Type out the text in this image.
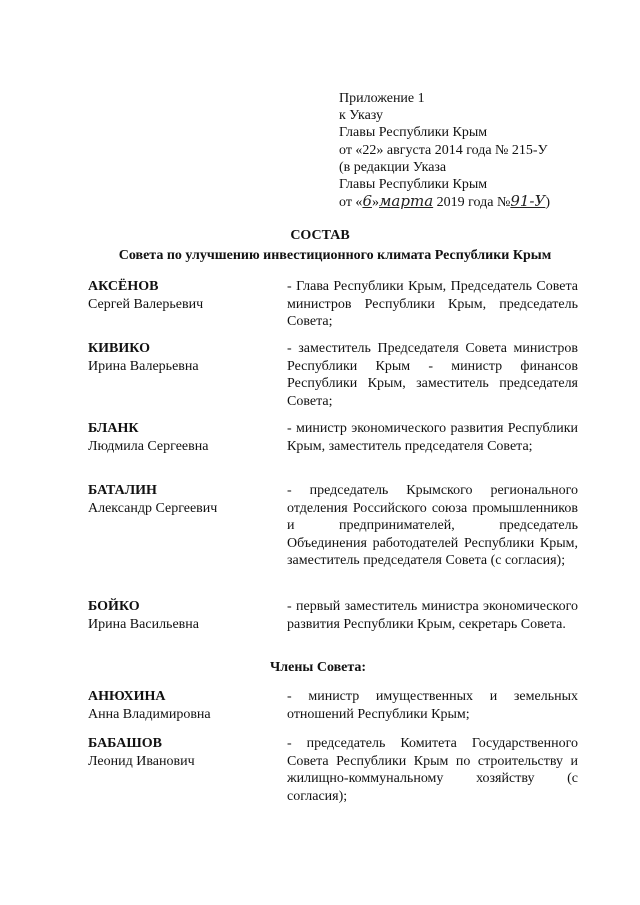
Приложение 1
к Указу
Главы Республики Крым
от «22» августа 2014 года № 215-У
(в редакции Указа
Главы Республики Крым
от «6»марта 2019 года №91-У)
СОСТАВ
Совета по улучшению инвестиционного климата Республики Крым
АКСЁНОВ
Сергей Валерьевич
- Глава Республики Крым, Председатель Совета министров Республики Крым, председатель Совета;
КИВИКО
Ирина Валерьевна
- заместитель Председателя Совета министров Республики Крым - министр финансов Республики Крым, заместитель председателя Совета;
БЛАНК
Людмила Сергеевна
- министр экономического развития Республики Крым, заместитель председателя Совета;
БАТАЛИН
Александр Сергеевич
- председатель Крымского регионального отделения Российского союза промышленников и предпринимателей, председатель Объединения работодателей Республики Крым, заместитель председателя Совета (с согласия);
БОЙКО
Ирина Васильевна
- первый заместитель министра экономического развития Республики Крым, секретарь Совета.
Члены Совета:
АНЮХИНА
Анна Владимировна
- министр имущественных и земельных отношений Республики Крым;
БАБАШОВ
Леонид Иванович
- председатель Комитета Государственного Совета Республики Крым по строительству и жилищно-коммунальному хозяйству (с согласия);
